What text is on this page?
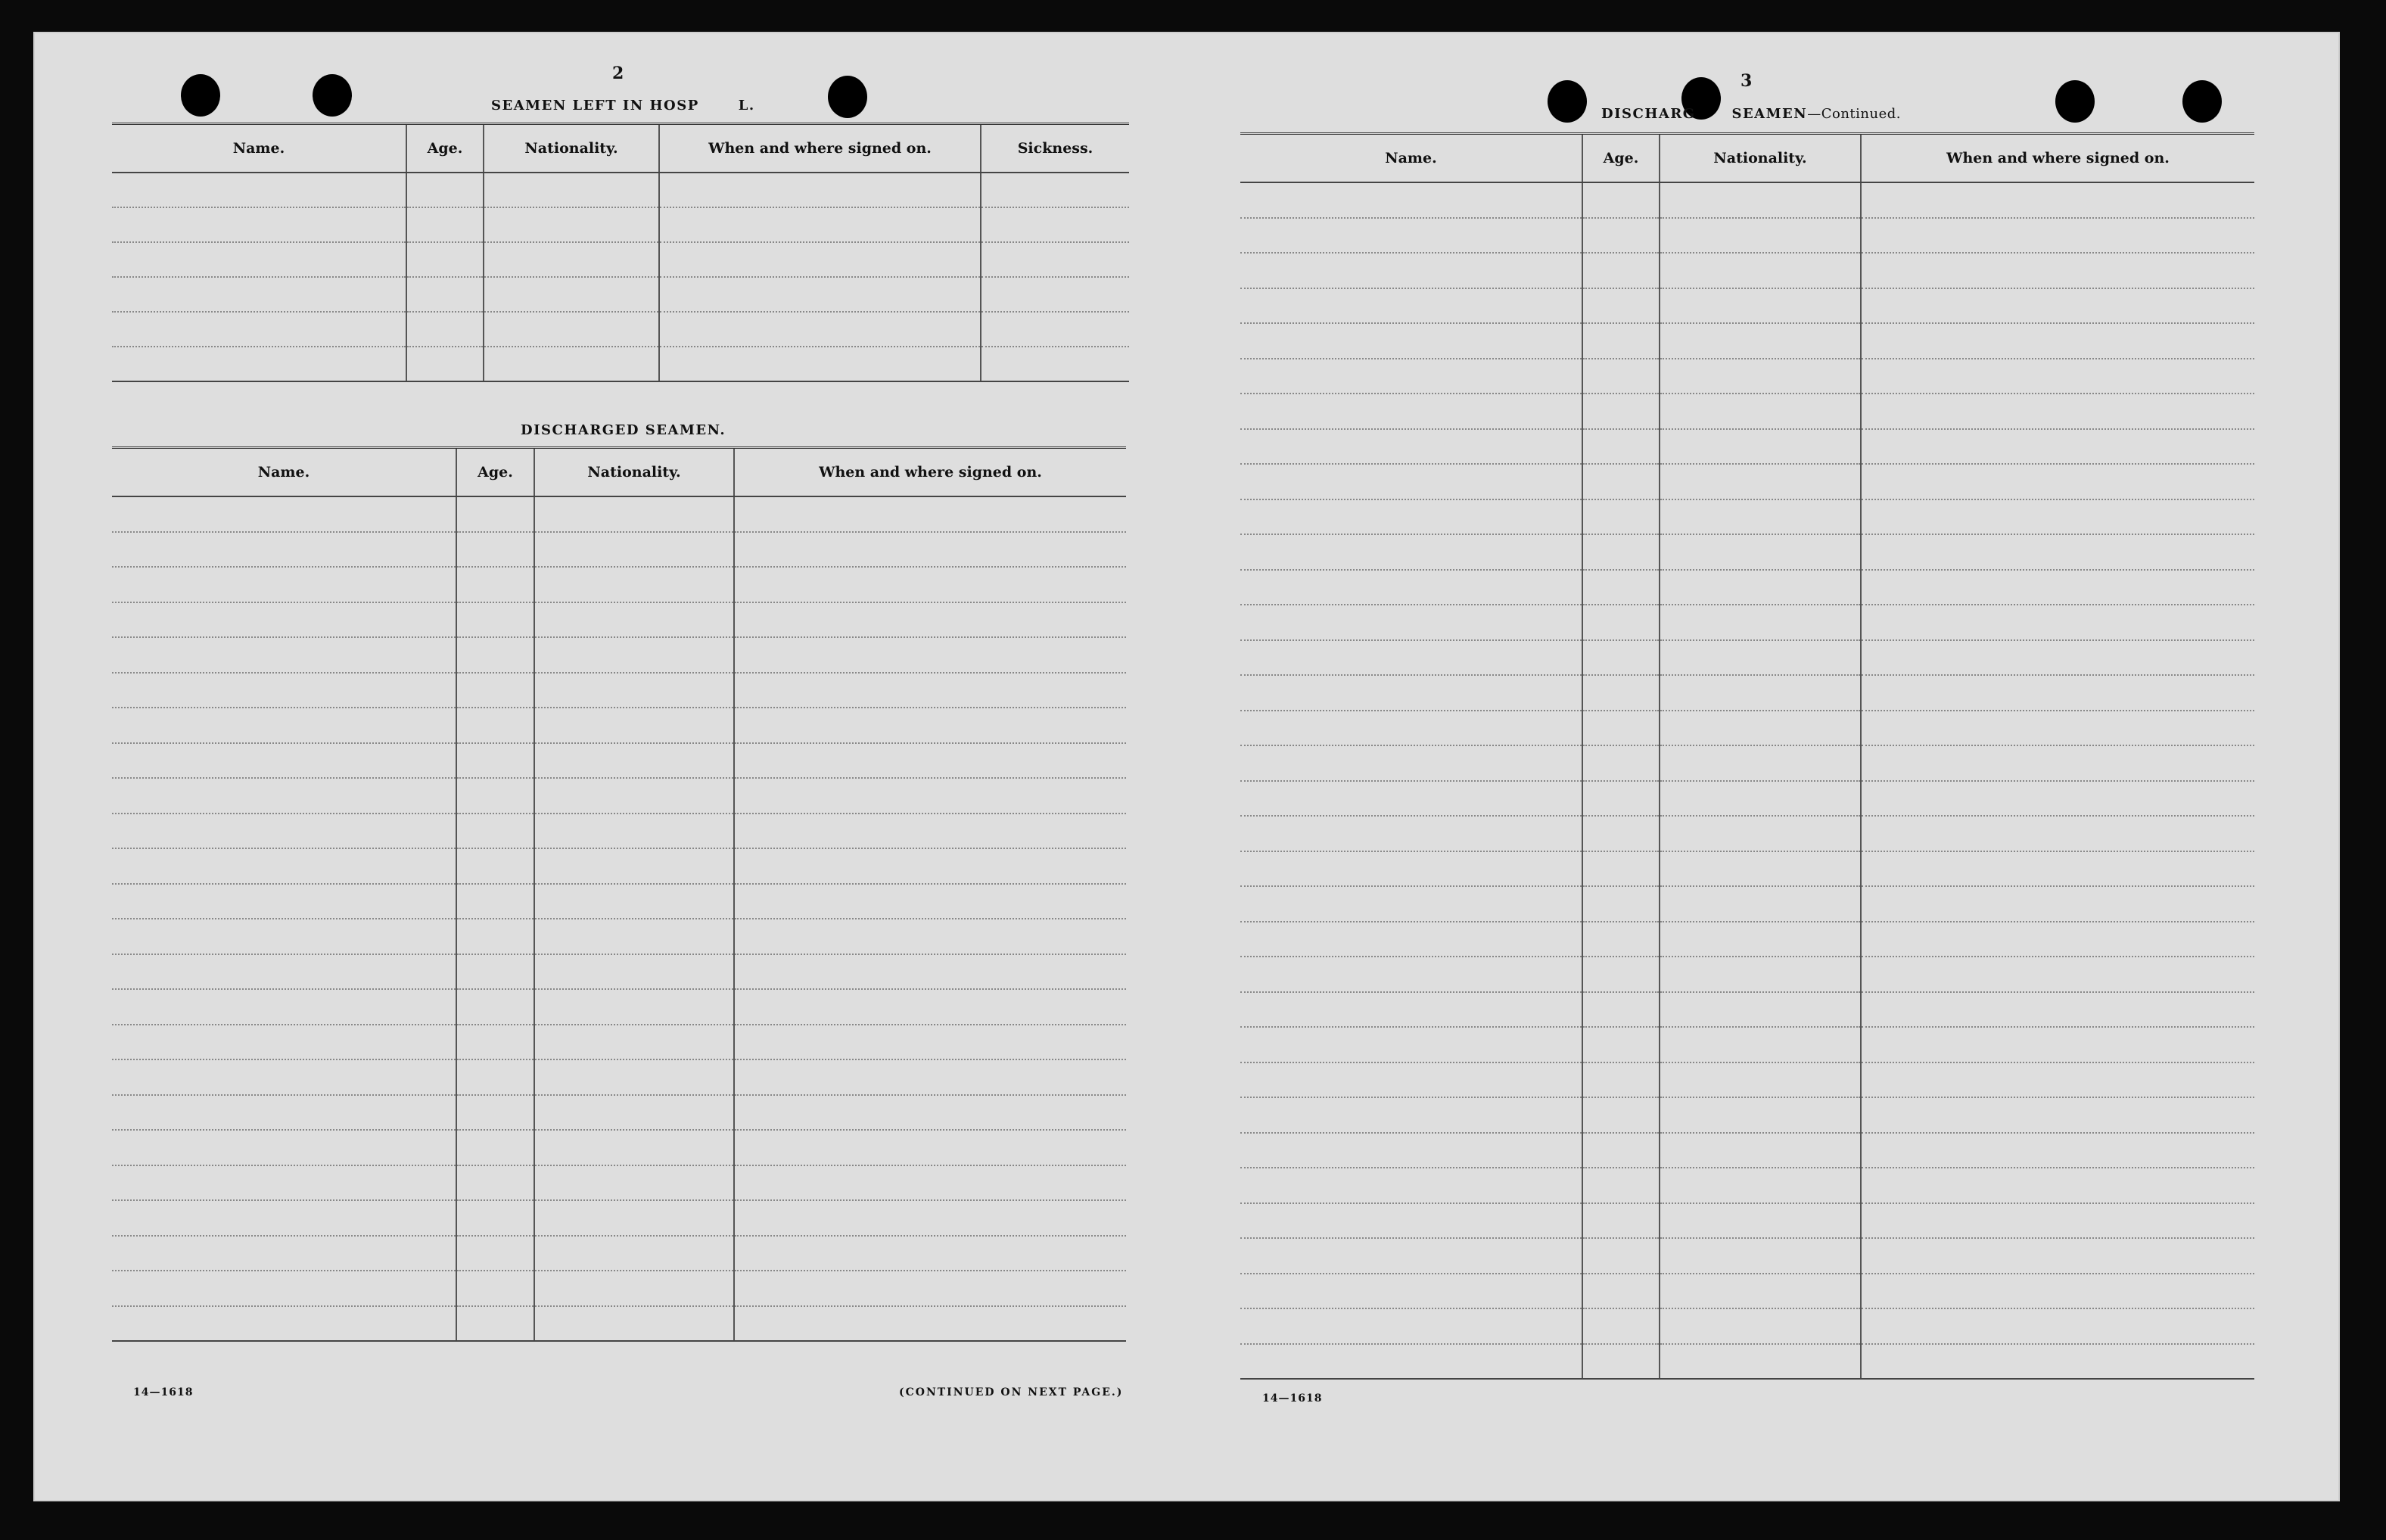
2
SEAMEN LEFT IN HOSP	L.
Name.	Age.	Nationality.	When and where signed on.	Sickness.

DISCHARGED SEAMEN.
Name.	Age.	Nationality.	When and where signed on.

14—1618	(CONTINUED ON NEXT PAGE.)
3
DISCHARG SEAMEN—Continued.
Name.	Age.	Nationality.	When and where signed on.

14—1618
